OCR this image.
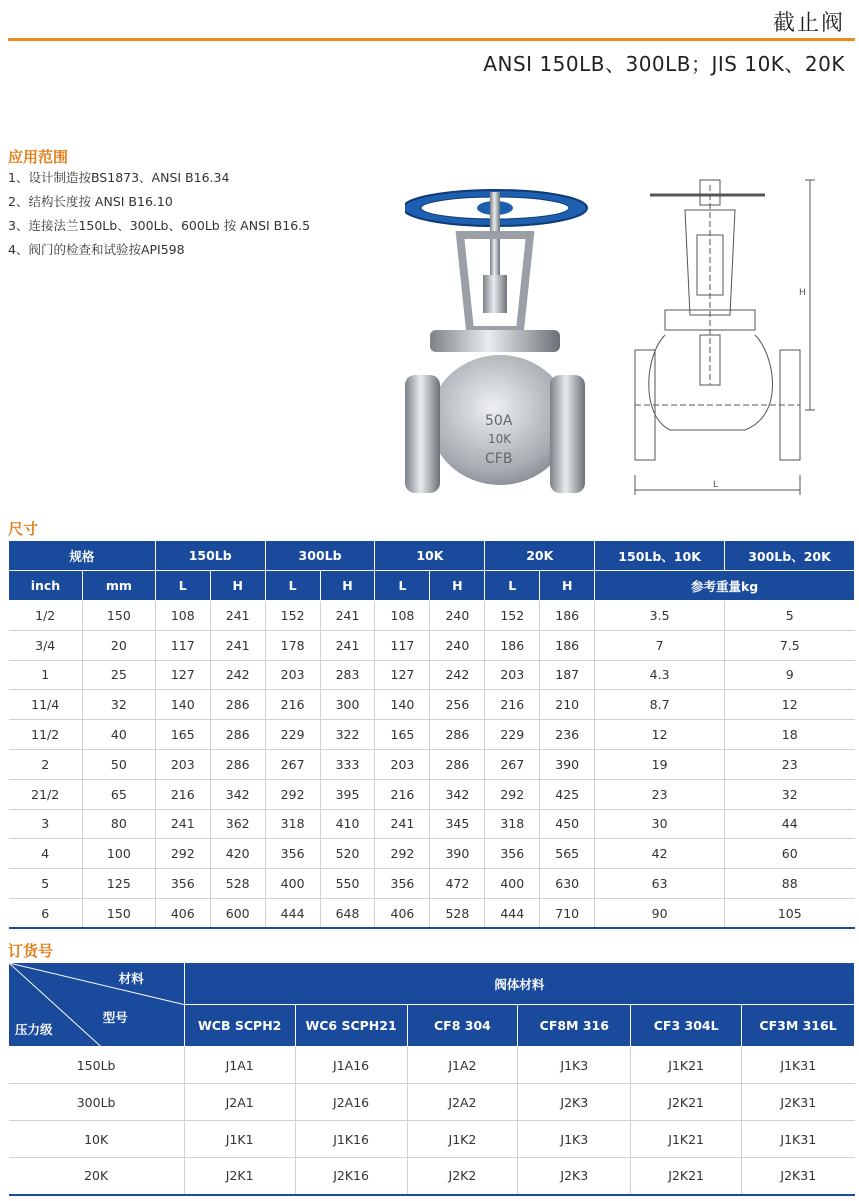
截止阀
ANSI 150LB、300LB；JIS 10K、20K
应用范围
1、设计制造按BS1873、ANSI B16.34
2、结构长度按 ANSI B16.10
3、连接法兰150Lb、300Lb、600Lb 按 ANSI B16.5
4、阀门的检查和试验按API598
50A
10K
CFB
H
L
尺寸
规格		150Lb		300Lb		10K		20K		150Lb、10K	300Lb、20K
inch	mm	L	H	L	H	L	H	L	H	参考重量kg	
1/2	150	108	241	152	241	108	240	152	186	3.5	5
3/4	20	117	241	178	241	117	240	186	186	7	7.5
1	25	127	242	203	283	127	242	203	187	4.3	9
11/4	32	140	286	216	300	140	256	216	210	8.7	12
11/2	40	165	286	229	322	165	286	229	236	12	18
2	50	203	286	267	333	203	286	267	390	19	23
21/2	65	216	342	292	395	216	342	292	425	23	32
3	80	241	362	318	410	241	345	318	450	30	44
4	100	292	420	356	520	292	390	356	565	42	60
5	125	356	528	400	550	356	472	400	630	63	88
6	150	406	600	444	648	406	528	444	710	90	105
订货号
材料
型号
压力级	阀体材料					
	WCB SCPH2	WC6 SCPH21	CF8 304	CF8M 316	CF3 304L	CF3M 316L
150Lb	J1A1	J1A16	J1A2	J1K3	J1K21	J1K31
300Lb	J2A1	J2A16	J2A2	J2K3	J2K21	J2K31
10K	J1K1	J1K16	J1K2	J1K3	J1K21	J1K31
20K	J2K1	J2K16	J2K2	J2K3	J2K21	J2K31
